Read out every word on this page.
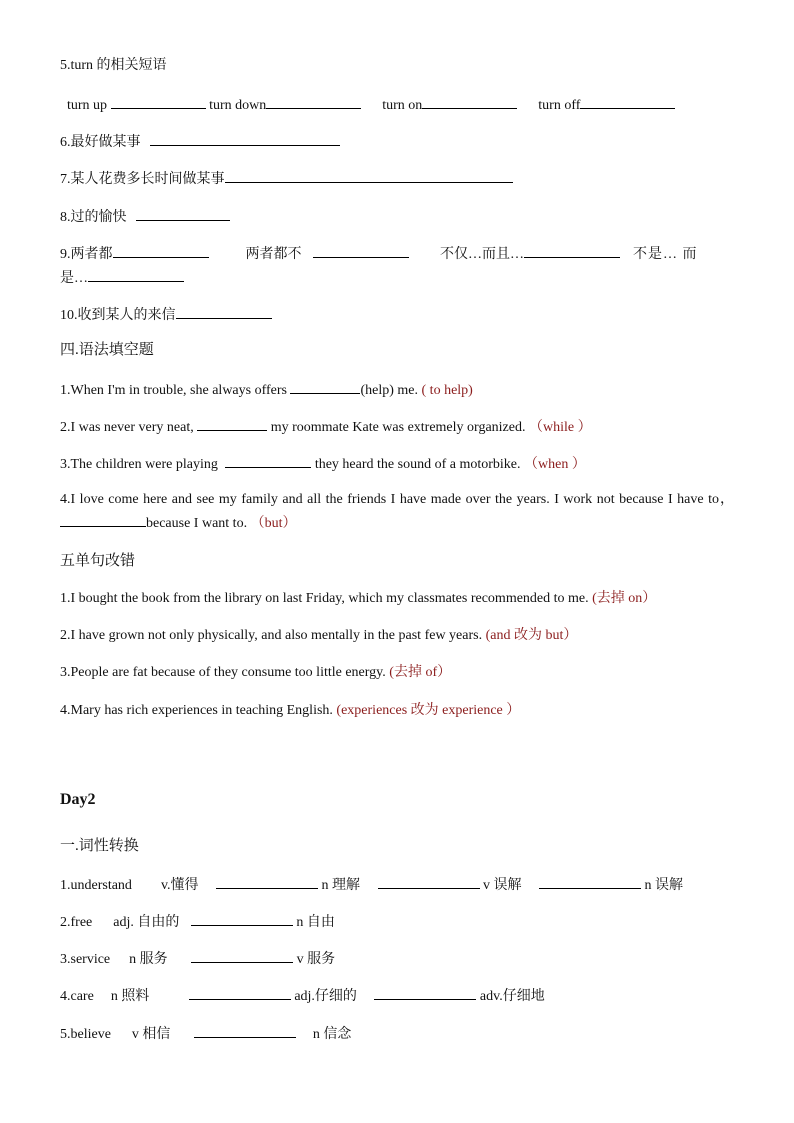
5.turn 的相关短语
turn up	turn down	turn on	turn off
6.最好做某事
7.某人花费多长时间做某事
8.过的愉快
9.两者都	两者都不	不仅…而且…	不是… 而
是…
10.收到某人的来信
四.语法填空题
1.When I'm in trouble, she always offers	(help) me. ( to help)
2.I was never very neat,	my roommate Kate was extremely organized. （while ）
3.The children were playing	they heard the sound of a motorbike. （when ）
4.I love come here and see my family and all the friends I have made over the years. I work not because I have to，because I want to. （but）
五单句改错
1.I bought the book from the library on last Friday, which my classmates recommended to me. (去掉 on）
2.I have grown not only physically, and also mentally in the past few years. (and 改为 but）
3.People are fat because of they consume too little energy. (去掉 of）
4.Mary has rich experiences in teaching English. (experiences 改为 experience ）
Day2
一.词性转换
1.understand v.懂得	n 理解	v 误解	n 误解
2.free adj. 自由的	n 自由
3.service n 服务	v 服务
4.care n 照料	adj.仔细的	adv.仔细地
5.believe v 相信	n 信念
